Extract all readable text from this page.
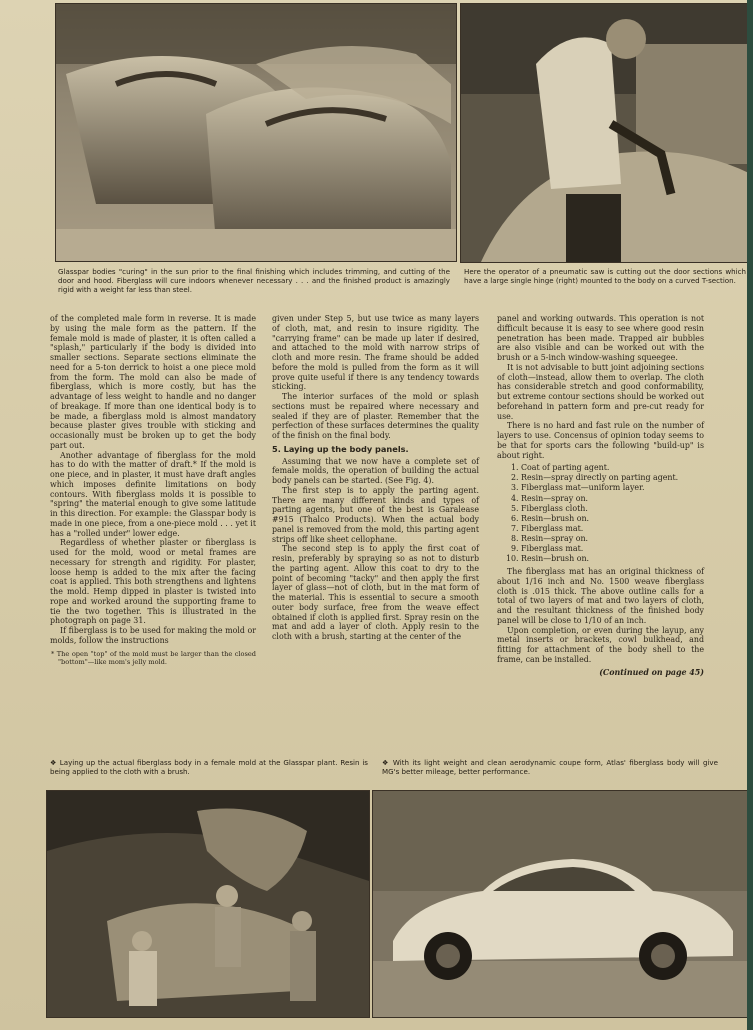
Glasspar bodies "curing" in the sun prior to the final finishing which includes trimming, and cutting of the door and hood. Fiberglass will cure indoors whenever necessary . . . and the finished product is amazingly rigid with a weight far less than steel.
Here the operator of a pneumatic saw is cutting out the door sections which have a large single hinge (right) mounted to the body on a curved T-section.

of the completed male form in reverse. It is made by using the male form as the pattern. If the female mold is made of plaster, it is often called a "splash," particularly if the body is divided into smaller sections. Separate sections eliminate the need for a 5-ton derrick to hoist a one piece mold from the form. The mold can also be made of fiberglass, which is more costly, but has the advantage of less weight to handle and no danger of breakage. If more than one identical body is to be made, a fiberglass mold is almost mandatory because plaster gives trouble with sticking and occasionally must be broken up to get the body part out.

Another advantage of fiberglass for the mold has to do with the matter of draft.* If the mold is one piece, and in plaster, it must have draft angles which imposes definite limitations on body contours. With fiberglass molds it is possible to "spring" the material enough to give some latitude in this direction. For example: the Glasspar body is made in one piece, from a one-piece mold . . . yet it has a "rolled under" lower edge.

Regardless of whether plaster or fiberglass is used for the mold, wood or metal frames are necessary for strength and rigidity. For plaster, loose hemp is added to the mix after the facing coat is applied. This both strengthens and lightens the mold. Hemp dipped in plaster is twisted into rope and worked around the supporting frame to tie the two together. This is illustrated in the photograph on page 31.

If fiberglass is to be used for making the mold or molds, follow the instructions

* The open "top" of the mold must be larger than the closed "bottom"—like mom's jelly mold.

given under Step 5, but use twice as many layers of cloth, mat, and resin to insure rigidity. The "carrying frame" can be made up later if desired, and attached to the mold with narrow strips of cloth and more resin. The frame should be added before the mold is pulled from the form as it will prove quite useful if there is any tendency towards sticking.

The interior surfaces of the mold or splash sections must be repaired where necessary and sealed if they are of plaster. Remember that the perfection of these surfaces determines the quality of the finish on the final body.

5. Laying up the body panels.

Assuming that we now have a complete set of female molds, the operation of building the actual body panels can be started. (See Fig. 4).

The first step is to apply the parting agent. There are many different kinds and types of parting agents, but one of the best is Garalease #915 (Thalco Products). When the actual body panel is removed from the mold, this parting agent strips off like sheet cellophane.

The second step is to apply the first coat of resin, preferably by spraying so as not to disturb the parting agent. Allow this coat to dry to the point of becoming "tacky" and then apply the first layer of glass—not of cloth, but in the mat form of the material. This is essential to secure a smooth outer body surface, free from the weave effect obtained if cloth is applied first. Spray resin on the mat and add a layer of cloth. Apply resin to the cloth with a brush, starting at the center of the

panel and working outwards. This operation is not difficult because it is easy to see where good resin penetration has been made. Trapped air bubbles are also visible and can be worked out with the brush or a 5-inch window-washing squeegee.

It is not advisable to butt joint adjoining sections of cloth—instead, allow them to overlap. The cloth has considerable stretch and good conformability, but extreme contour sections should be worked out beforehand in pattern form and pre-cut ready for use.

There is no hard and fast rule on the number of layers to use. Concensus of opinion today seems to be that for sports cars the following "build-up" is about right.

1. Coat of parting agent.
2. Resin—spray directly on parting agent.
3. Fiberglass mat—uniform layer.
4. Resin—spray on.
5. Fiberglass cloth.
6. Resin—brush on.
7. Fiberglass mat.
8. Resin—spray on.
9. Fiberglass mat.
10. Resin—brush on.

The fiberglass mat has an original thickness of about 1/16 inch and No. 1500 weave fiberglass cloth is .015 thick. The above outline calls for a total of two layers of mat and two layers of cloth, and the resultant thickness of the finished body panel will be close to 1/10 of an inch.

Upon completion, or even during the layup, any metal inserts or brackets, cowl bulkhead, and fitting for attachment of the body shell to the frame, can be installed.

(Continued on page 45)
❖ Laying up the actual fiberglass body in a female mold at the Glasspar plant. Resin is being applied to the cloth with a brush.
❖ With its light weight and clean aerodynamic coupe form, Atlas' fiberglass body will give MG's better mileage, better performance.
